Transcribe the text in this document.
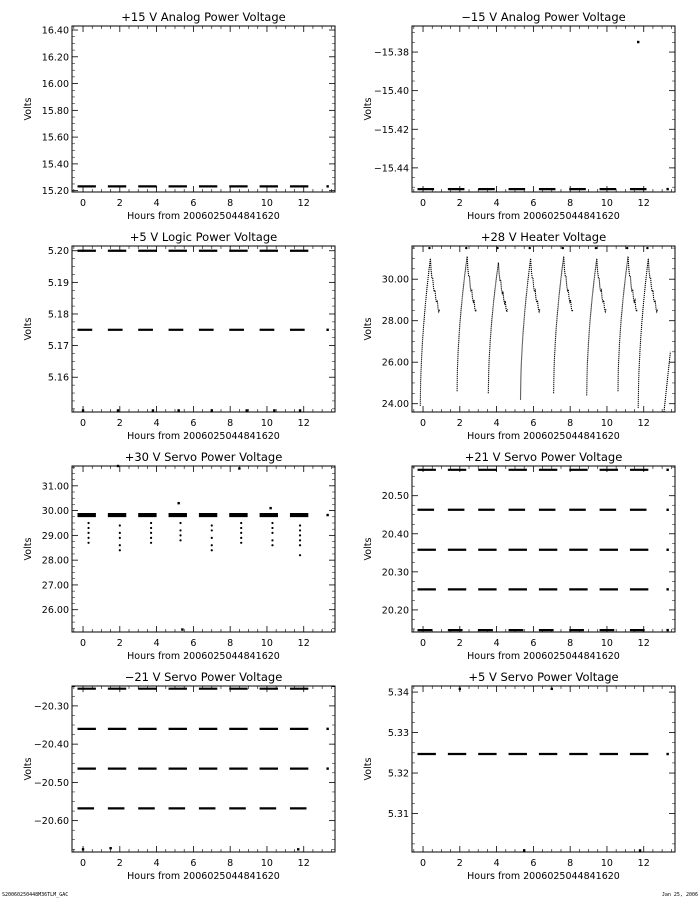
+15 V Analog Power Voltage
Hours from 2006025044841620
Volts
0	2	4	6	8	10	12
15.20
15.40
15.60
15.80
16.00
16.20
16.40
−15 V Analog Power Voltage
Hours from 2006025044841620
Volts
0	2	4	6	8	10	12
−15.44
−15.42
−15.40
−15.38
+5 V Logic Power Voltage
Hours from 2006025044841620
Volts
0	2	4	6	8	10	12
5.16
5.17
5.18
5.19
5.20
+28 V Heater Voltage
Hours from 2006025044841620
Volts
0	2	4	6	8	10	12
24.00
26.00
28.00
30.00
+30 V Servo Power Voltage
Hours from 2006025044841620
Volts
0	2	4	6	8	10	12
26.00
27.00
28.00
29.00
30.00
31.00
+21 V Servo Power Voltage
Hours from 2006025044841620
Volts
0	2	4	6	8	10	12
20.20
20.30
20.40
20.50
−21 V Servo Power Voltage
Hours from 2006025044841620
Volts
0	2	4	6	8	10	12
−20.60
−20.50
−20.40
−20.30
+5 V Servo Power Voltage
Hours from 2006025044841620
Volts
0	2	4	6	8	10	12
5.31
5.32
5.33
5.34
S20060250448M36TLM_GAC	Jan 25, 2006
